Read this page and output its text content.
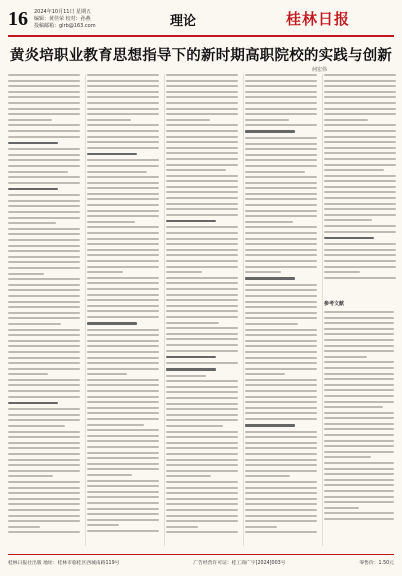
16 2024年10月11日 星期五
编辑：黄佳荣 校对：孙燕
投稿邮箱：glrb@163.com	理论	桂林日报
黄炎培职业教育思想指导下的新时期高职院校的实践与创新
何宏伟
参考文献
桂林日报社出版 地址：桂林市临桂区西城南路119号	广告经营许可证：桂工商广字[2024]003号	零售价：1.50元
